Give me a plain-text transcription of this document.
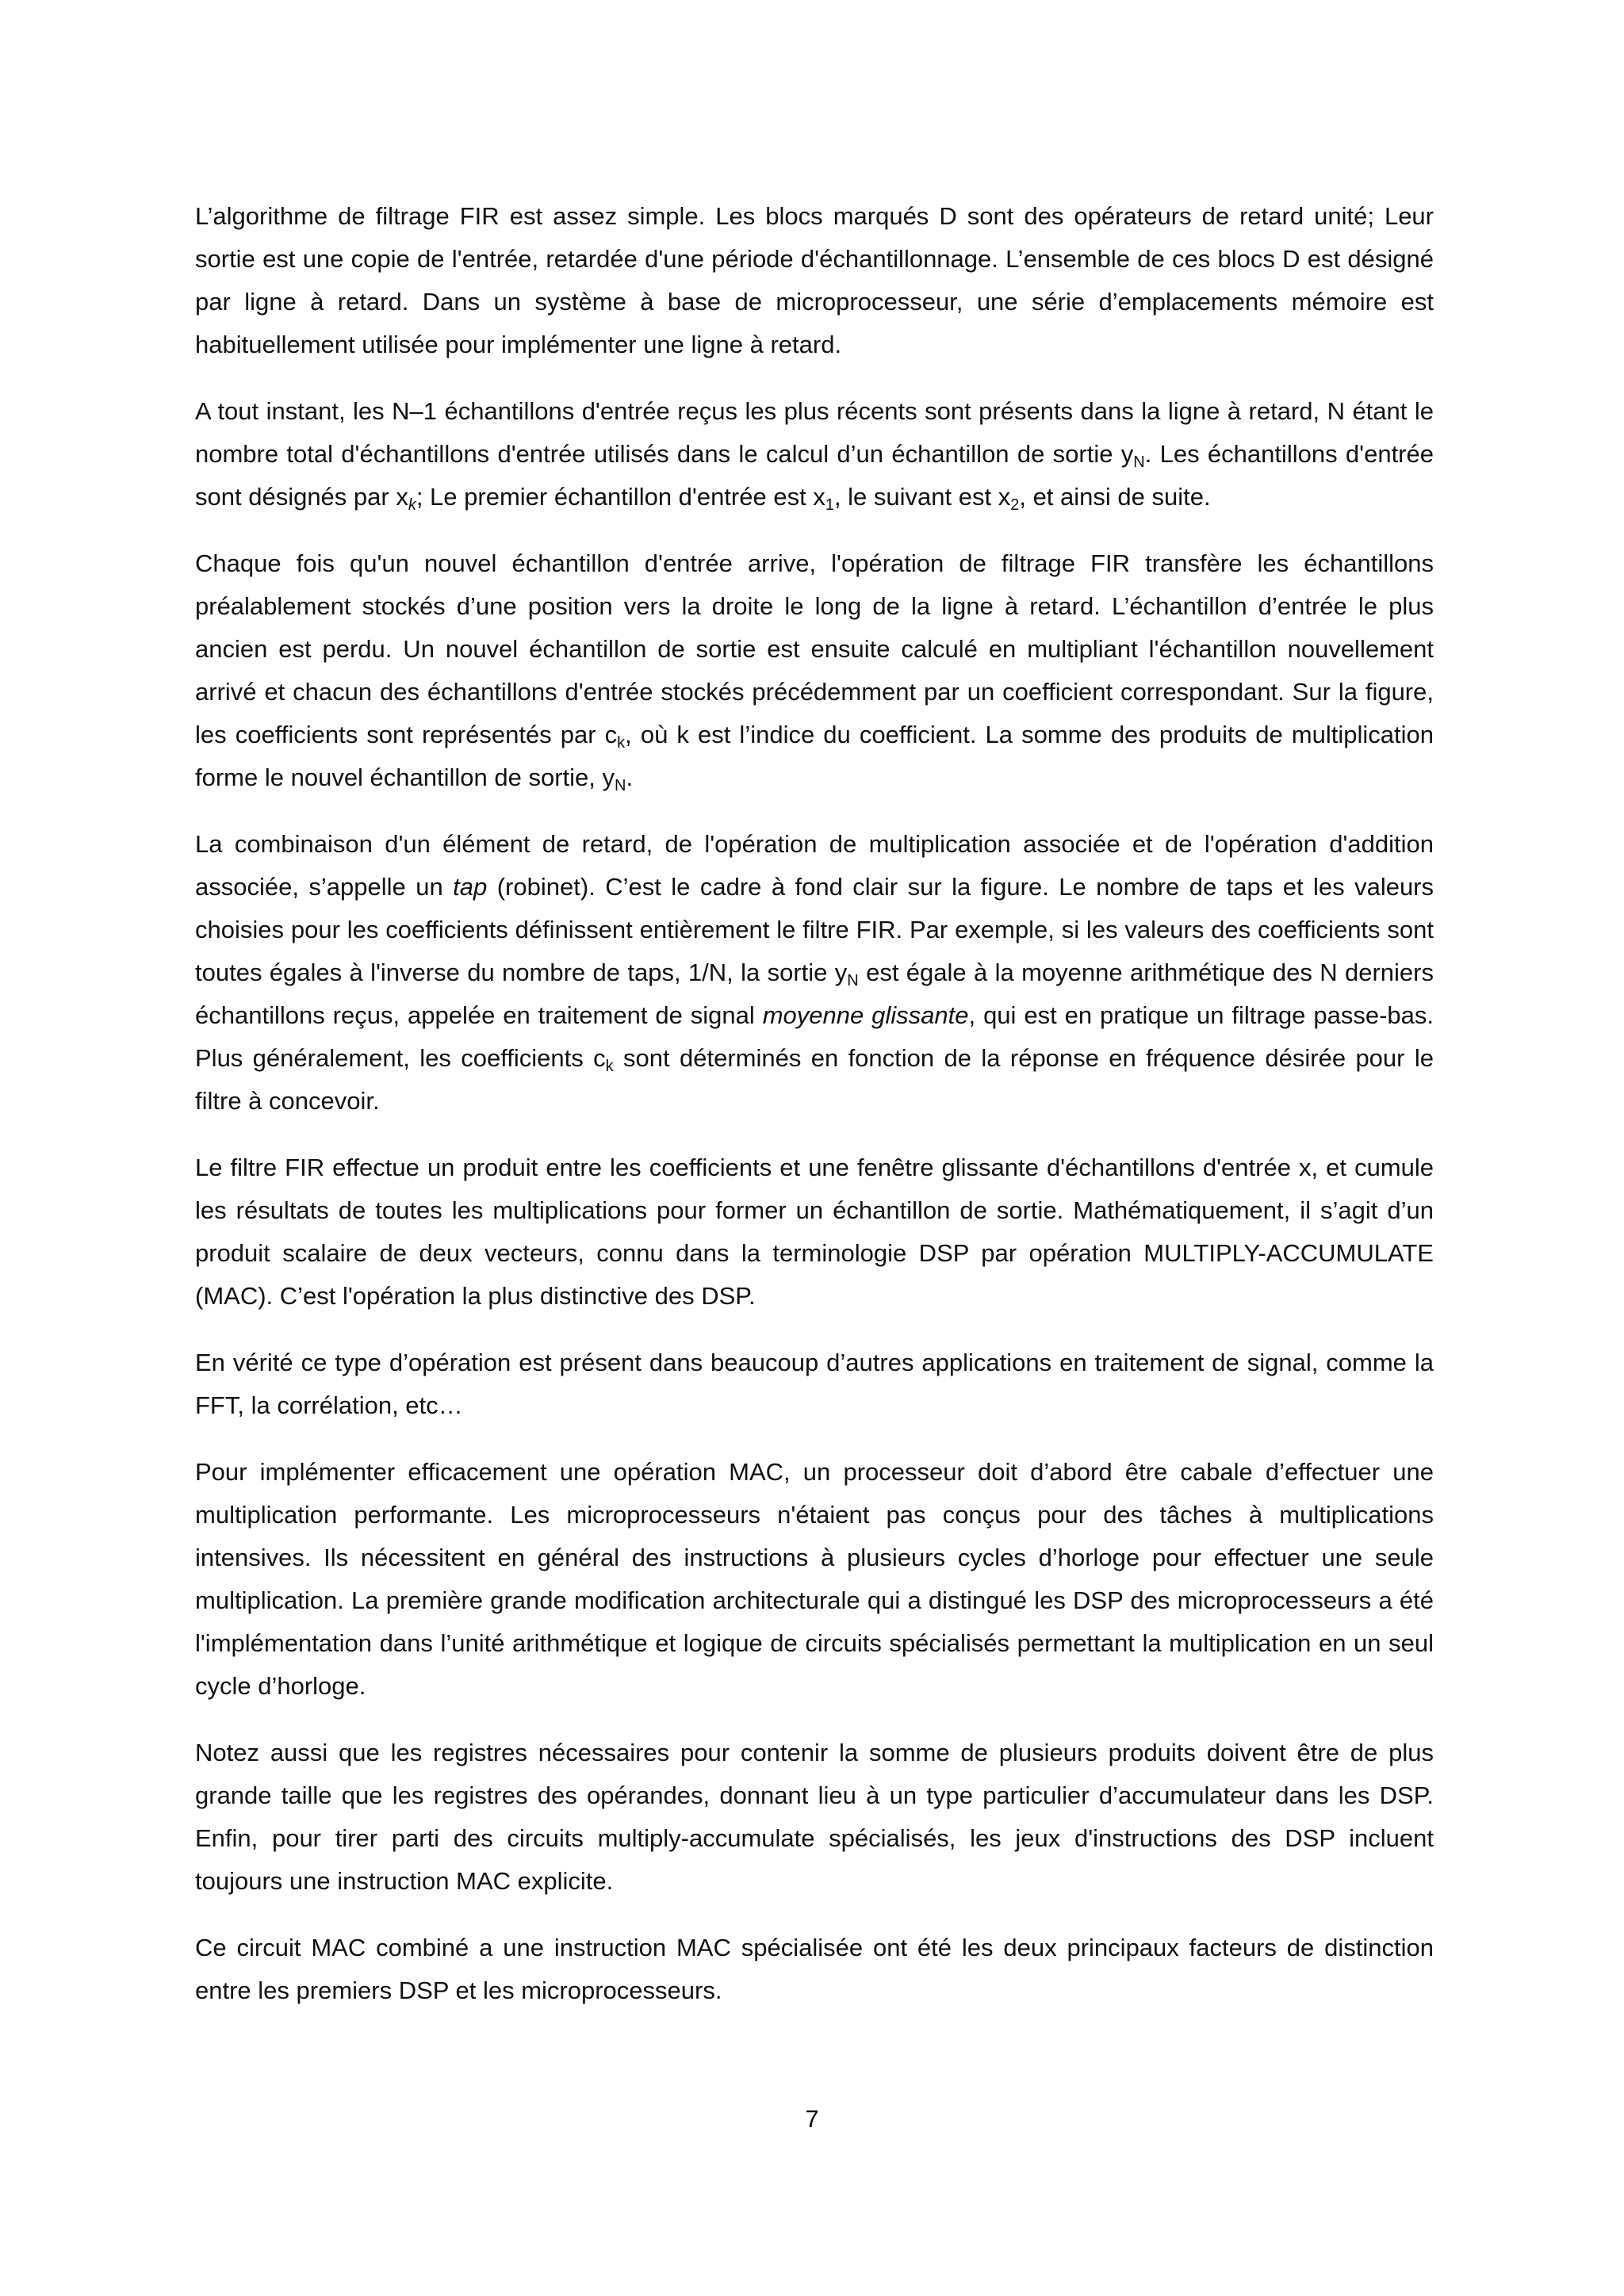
L’algorithme de filtrage FIR est assez simple. Les blocs marqués D sont des opérateurs de retard unité; Leur sortie est une copie de l'entrée, retardée d'une période d'échantillonnage. L’ensemble de ces blocs D est désigné par ligne à retard. Dans un système à base de microprocesseur, une série d’emplacements mémoire est habituellement utilisée pour implémenter une ligne à retard.

A tout instant, les N–1 échantillons d'entrée reçus les plus récents sont présents dans la ligne à retard, N étant le nombre total d'échantillons d'entrée utilisés dans le calcul d’un échantillon de sortie $y_N$. Les échantillons d'entrée sont désignés par $x_k$; Le premier échantillon d'entrée est $x_1$, le suivant est $x_2$, et ainsi de suite.

Chaque fois qu'un nouvel échantillon d'entrée arrive, l'opération de filtrage FIR transfère les échantillons préalablement stockés d’une position vers la droite le long de la ligne à retard. L’échantillon d’entrée le plus ancien est perdu. Un nouvel échantillon de sortie est ensuite calculé en multipliant l'échantillon nouvellement arrivé et chacun des échantillons d'entrée stockés précédemment par un coefficient correspondant. Sur la figure, les coefficients sont représentés par $c_k$, où k est l’indice du coefficient. La somme des produits de multiplication forme le nouvel échantillon de sortie, $y_N$.

La combinaison d'un élément de retard, de l'opération de multiplication associée et de l'opération d'addition associée, s’appelle un tap (robinet). C’est le cadre à fond clair sur la figure. Le nombre de taps et les valeurs choisies pour les coefficients définissent entièrement le filtre FIR. Par exemple, si les valeurs des coefficients sont toutes égales à l'inverse du nombre de taps, 1/N, la sortie $y_N$ est égale à la moyenne arithmétique des N derniers échantillons reçus, appelée en traitement de signal moyenne glissante, qui est en pratique un filtrage passe-bas. Plus généralement, les coefficients $c_k$ sont déterminés en fonction de la réponse en fréquence désirée pour le filtre à concevoir.

Le filtre FIR effectue un produit entre les coefficients et une fenêtre glissante d'échantillons d'entrée x, et cumule les résultats de toutes les multiplications pour former un échantillon de sortie. Mathématiquement, il s’agit d’un produit scalaire de deux vecteurs, connu dans la terminologie DSP par opération MULTIPLY-ACCUMULATE (MAC). C’est l'opération la plus distinctive des DSP.

En vérité ce type d’opération est présent dans beaucoup d’autres applications en traitement de signal, comme la FFT, la corrélation, etc…

Pour implémenter efficacement une opération MAC, un processeur doit d’abord être cabale d’effectuer une multiplication performante. Les microprocesseurs n'étaient pas conçus pour des tâches à multiplications intensives. Ils nécessitent en général des instructions à plusieurs cycles d’horloge pour effectuer une seule multiplication. La première grande modification architecturale qui a distingué les DSP des microprocesseurs a été l'implémentation dans l’unité arithmétique et logique de circuits spécialisés permettant la multiplication en un seul cycle d’horloge.

Notez aussi que les registres nécessaires pour contenir la somme de plusieurs produits doivent être de plus grande taille que les registres des opérandes, donnant lieu à un type particulier d’accumulateur dans les DSP. Enfin, pour tirer parti des circuits multiply-accumulate spécialisés, les jeux d'instructions des DSP incluent toujours une instruction MAC explicite.

Ce circuit MAC combiné a une instruction MAC spécialisée ont été les deux principaux facteurs de distinction entre les premiers DSP et les microprocesseurs.

7
